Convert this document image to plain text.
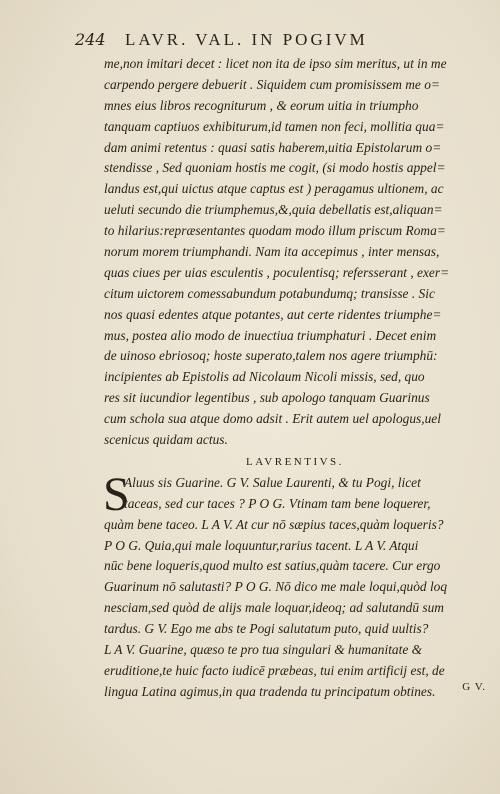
244 LAVR. VAL. IN POGIVM
me,non imitari decet : licet non ita de ipso sim meritus, ut in me
carpendo pergere debuerit . Siquidem cum promisissem me o=
mnes eius libros recogniturum , & eorum uitia in triumpho
tanquam captiuos exhibiturum,id tamen non feci, mollitia qua=
dam animi retentus : quasi satis haberem,uitia Epistolarum o=
stendisse , Sed quoniam hostis me cogit, (si modo hostis appel=
landus est,qui uictus atque captus est ) peragamus ultionem, ac
ueluti secundo die triumphemus,&,quia debellatis est,aliquan=
to hilarius:repræsentantes quodam modo illum priscum Roma=
norum morem triumphandi. Nam ita accepimus , inter mensas,
quas ciues per uias esculentis , poculentisq; refersserant , exer=
citum uictorem comessabundum potabundumq; transisse . Sic
nos quasi edentes atque potantes, aut certe ridentes triumphe=
mus, postea alio modo de inuectiua triumphaturi . Decet enim
de uinoso ebriosoq; hoste superato,talem nos agere triumphū:
incipientes ab Epistolis ad Nicolaum Nicoli missis, sed, quo
res sit iucundior legentibus , sub apologo tanquam Guarinus
cum schola sua atque domo adsit . Erit autem uel apologus,uel
scenicus quidam actus.
LAVRENTIVS.
S
Aluus sis Guarine. G V. Salue Laurenti, & tu Pogi, licet
taceas, sed cur taces ? P O G. Vtinam tam bene loquerer,
quàm bene taceo. L A V. At cur nō sæpius taces,quàm loqueris?
P O G. Quia,qui male loquuntur,rarius tacent. L A V. Atqui
nūc bene loqueris,quod multo est satius,quàm tacere. Cur ergo
Guarinum nō salutasti? P O G. Nō dico me male loqui,quòd loq
nesciam,sed quòd de alijs male loquar,ideoq; ad salutandū sum
tardus. G V. Ego me abs te Pogi salutatum puto, quid uultis?
L A V. Guarine, quæso te pro tua singulari & humanitate &
eruditione,te huic facto iudicē præbeas, tui enim artificij est, de
lingua Latina agimus,in qua tradenda tu principatum obtines.	G V.
